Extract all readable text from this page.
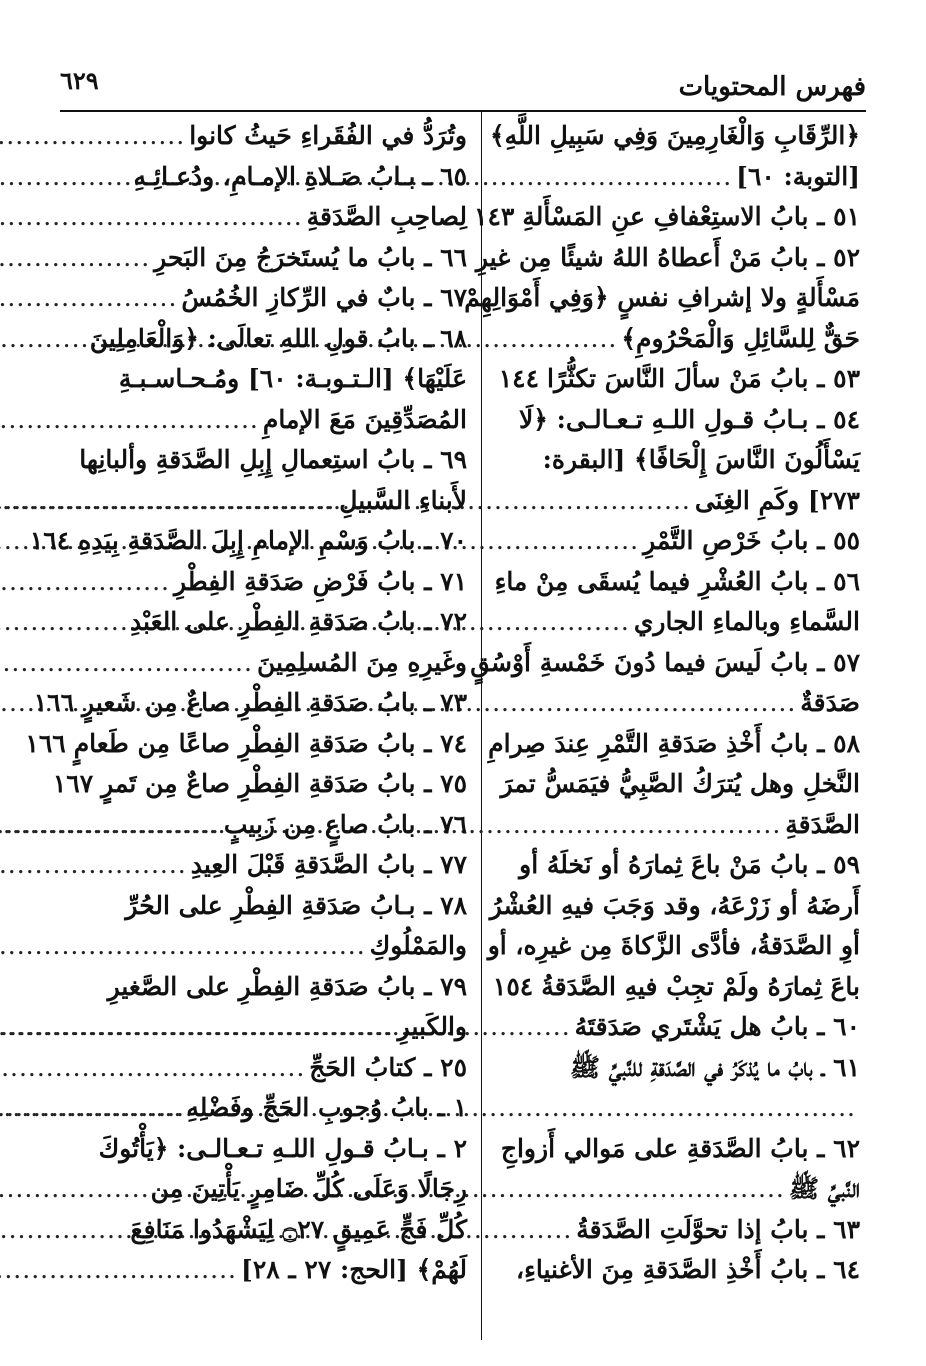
فهرس المحتويات
٦٢٩
﴿الرِّقَابِ وَالْغَارِمِينَ وَفِي سَبِيلِ اللَّهِ﴾
[التوبة: ٦٠]
.....
٥١ ـ بابُ الاستِعْفافِ عنِ المَسْأَلةِ
١٤٣
٥٢ ـ بابُ مَنْ أَعطاهُ اللهُ شيئًا مِن غيرِ
مَسْأَلةٍ ولا إشرافِ نفسٍ ﴿وَفِي أَمْوَالِهِمْ
حَقٌّ لِلسَّائِلِ وَالْمَحْرُومِ﴾
.....
٥٣ ـ بابُ مَنْ سألَ النَّاسَ تكثُّرًا
١٤٤
٥٤ ـ بـابُ قـولِ اللـهِ تـعـالـى: ﴿لَا
يَسْأَلُونَ النَّاسَ إِلْحَافًا﴾ [البقرة:
٢٧٣] وكَمِ الغِنَى
.....
٥٥ ـ بابُ خَرْصِ التَّمْرِ
.....
٥٦ ـ بابُ العُشْرِ فيما يُسقَى مِنْ ماءِ
السَّماءِ وبالماءِ الجاري
.....
٥٧ ـ بابُ لَيسَ فيما دُونَ خَمْسةِ أَوْسُقٍ
صَدَقةٌ
.....
٥٨ ـ بابُ أَخْذِ صَدَقةِ التَّمْرِ عِندَ صِرامِ
النَّخلِ وهل يُترَكُ الصَّبِيُّ فيَمَسُّ تمرَ
الصَّدَقةِ
.....
٥٩ ـ بابُ مَنْ باعَ ثِمارَهُ أو نَخلَهُ أو
أَرضَهُ أو زَرْعَهُ، وقد وَجَبَ فيهِ العُشْرُ
أوِ الصَّدَقةُ، فأدَّى الزَّكاةَ مِن غيرِه، أو
باعَ ثِمارَهُ ولَمْ تجِبْ فيهِ الصَّدَقةُ
١٥٤
٦٠ ـ بابُ هل يَشْتَري صَدَقتَهُ
.....
٦١ ـ بابُ ما يُذكَرُ في الصَّدَقةِ للنَّبيِّ ﷺ
.....
٦٢ ـ بابُ الصَّدَقةِ على مَوالي أَزواجِ
النَّبيِّ ﷺ
.....
٦٣ ـ بابُ إذا تحوَّلَتِ الصَّدَقةُ
.....
٦٤ ـ بابُ أَخْذِ الصَّدَقةِ مِنَ الأغنياءِ،
وتُرَدُّ في الفُقَراءِ حَيثُ كانوا
.....
٦٥ ـ بـابُ صَـلاةِ الإمـامِ، ودُعـائِـهِ
لِصاحِبِ الصَّدَقةِ
.....
٦٦ ـ بابُ ما يُستَخرَجُ مِنَ البَحرِ
.....
٦٧ ـ بابٌ في الرِّكازِ الخُمُسُ
.....
٦٨ ـ بابُ قولِ اللهِ تعالَى: ﴿وَالْعَامِلِينَ
عَلَيْهَا﴾ [الـتـوبـة: ٦٠] ومُـحـاسـبـةِ
المُصَدِّقِينَ مَعَ الإمامِ
.....
٦٩ ـ بابُ استِعمالِ إِبِلِ الصَّدَقةِ وألبانِها
لأَبناءِ السَّبيلِ
.....
٧٠ ـ بابُ وَسْمِ الإمامِ إِبِلَ الصَّدَقةِ بِيَدِهِ
١٦٤
٧١ ـ بابُ فَرْضِ صَدَقةِ الفِطْرِ
.....
٧٢ ـ بابُ صَدَقةِ الفِطْرِ على العَبْدِ
وغَيرِهِ مِنَ المُسلِمِينَ
.....
٧٣ ـ بابُ صَدَقةِ الفِطْرِ صاعٌ مِن شَعيرٍ
١٦٦
٧٤ ـ بابُ صَدَقةِ الفِطْرِ صاعًا مِن طَعامٍ
١٦٦
٧٥ ـ بابُ صَدَقةِ الفِطْرِ صاعٌ مِن تَمرٍ
١٦٧
٧٦ ـ بابُ صاعٍ مِن زَبِيبٍ
.....
٧٧ ـ بابُ الصَّدَقةِ قَبْلَ العِيدِ
.....
٧٨ ـ بـابُ صَدَقةِ الفِطْرِ على الحُرِّ
والمَمْلُوكِ
.....
٧٩ ـ بابُ صَدَقةِ الفِطْرِ على الصَّغيرِ
والكَبيرِ
.....
٢٥ ـ كتابُ الحَجِّ
.....
١ ـ بابُ وُجوبِ الحَجِّ وفَضْلِهِ
.....
٢ ـ بـابُ قـولِ اللـهِ تـعـالـى: ﴿يَأْتُوكَ
رِجَالًا وَعَلَى كُلِّ ضَامِرٍ يَأْتِينَ مِن
كُلِّ فَجٍّ عَمِيقٍ ۝٢٧ لِيَشْهَدُوا مَنَافِعَ
لَهُمْ﴾ [الحج: ٢٧ ـ ٢٨]
.....
